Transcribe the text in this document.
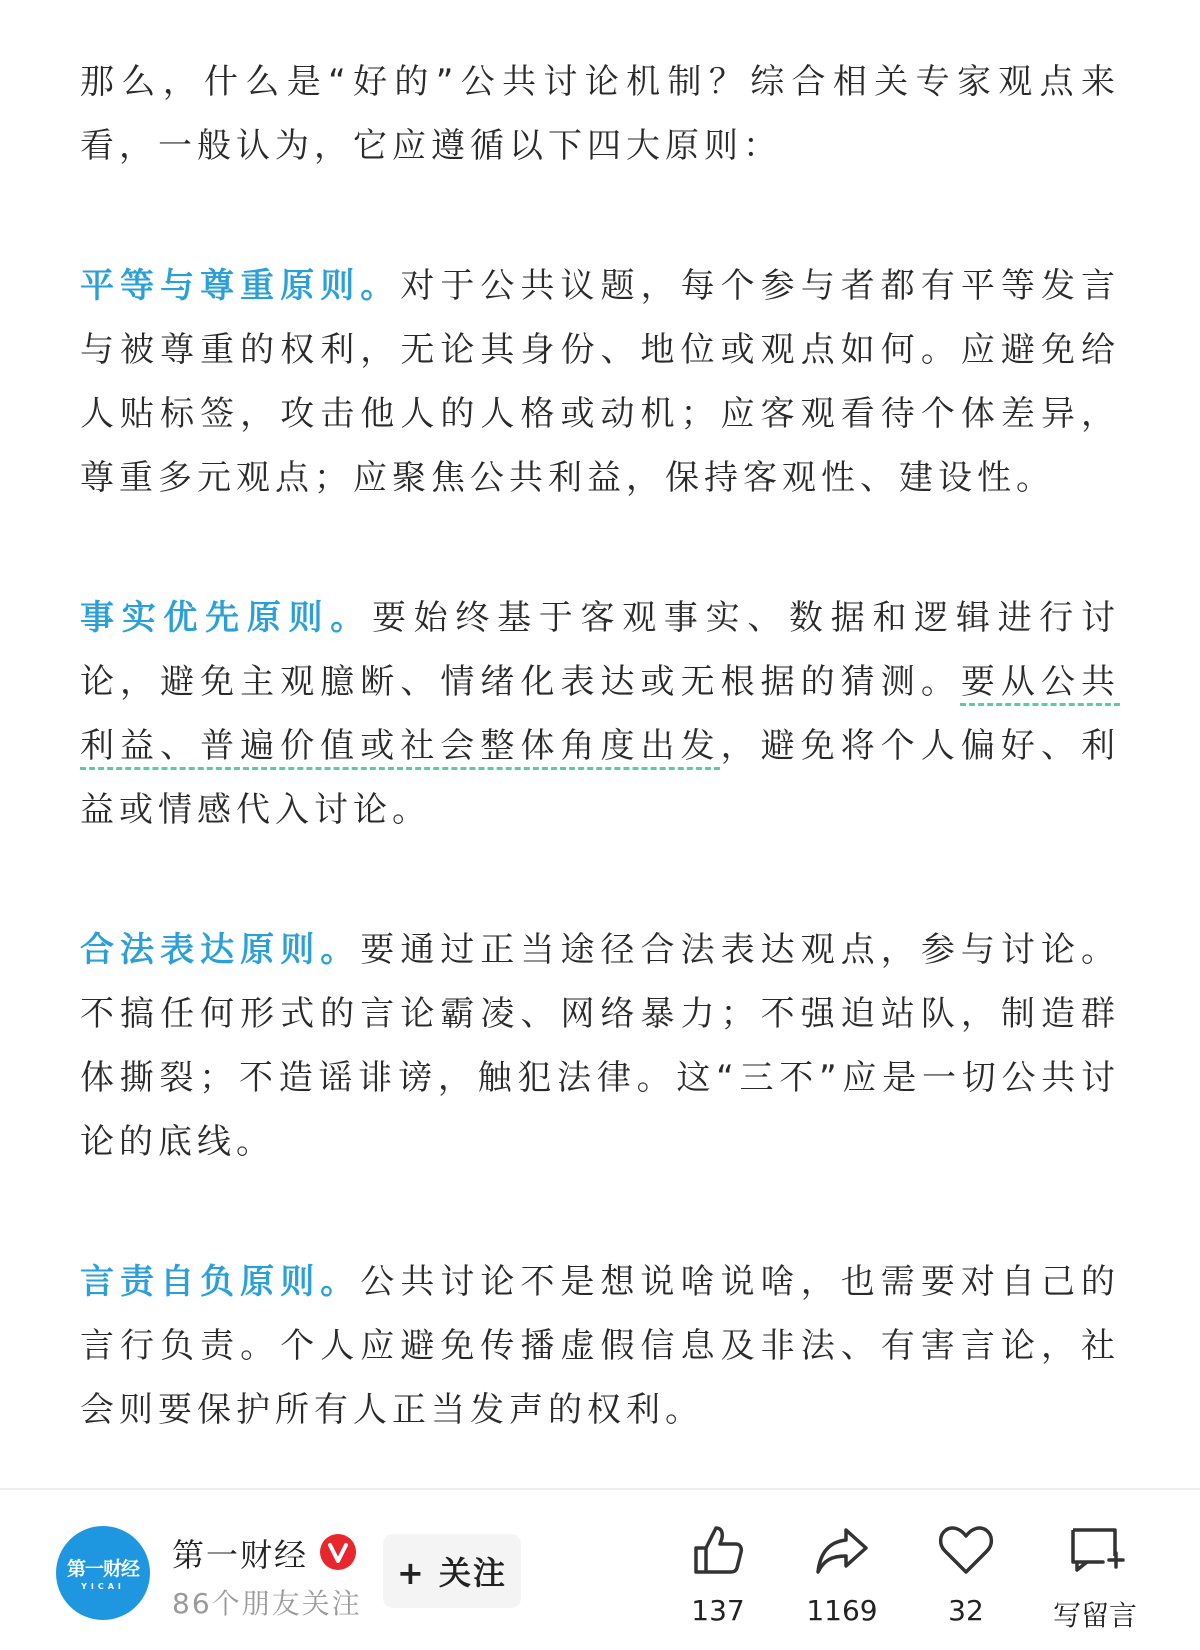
那么，什么是“好的”公共讨论机制？综合相关专家观点来看，一般认为，它应遵循以下四大原则：

平等与尊重原则。对于公共议题，每个参与者都有平等发言与被尊重的权利，无论其身份、地位或观点如何。应避免给人贴标签，攻击他人的人格或动机；应客观看待个体差异，尊重多元观点；应聚焦公共利益，保持客观性、建设性。

事实优先原则。要始终基于客观事实、数据和逻辑进行讨论，避免主观臆断、情绪化表达或无根据的猜测。要从公共利益、普遍价值或社会整体角度出发，避免将个人偏好、利益或情感代入讨论。

合法表达原则。要通过正当途径合法表达观点，参与讨论。不搞任何形式的言论霸凌、网络暴力；不强迫站队，制造群体撕裂；不造谣诽谤，触犯法律。这“三不”应是一切公共讨论的底线。

言责自负原则。公共讨论不是想说啥说啥，也需要对自己的言行负责。个人应避免传播虚假信息及非法、有害言论，社会则要保护所有人正当发声的权利。

第一财经
YICAI
第一财经
86个朋友关注
+ 关注
137	1169	32	写留言
